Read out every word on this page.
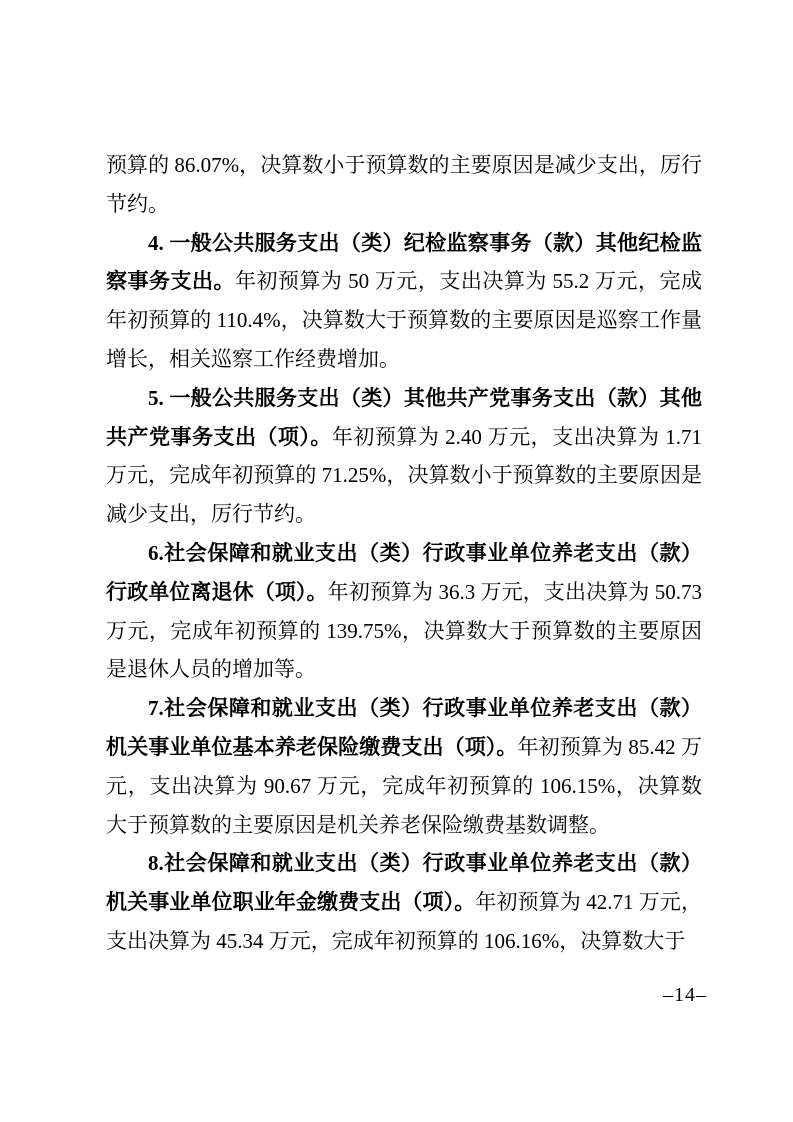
预算的 86.07%，决算数小于预算数的主要原因是减少支出，厉行节约。

4. 一般公共服务支出（类）纪检监察事务（款）其他纪检监察事务支出。年初预算为 50 万元，支出决算为 55.2 万元，完成年初预算的 110.4%，决算数大于预算数的主要原因是巡察工作量增长，相关巡察工作经费增加。

5. 一般公共服务支出（类）其他共产党事务支出（款）其他共产党事务支出（项）。年初预算为 2.40 万元，支出决算为 1.71 万元，完成年初预算的 71.25%，决算数小于预算数的主要原因是减少支出，厉行节约。

6.社会保障和就业支出（类）行政事业单位养老支出（款）行政单位离退休（项）。年初预算为 36.3 万元，支出决算为 50.73 万元，完成年初预算的 139.75%，决算数大于预算数的主要原因是退休人员的增加等。

7.社会保障和就业支出（类）行政事业单位养老支出（款）机关事业单位基本养老保险缴费支出（项）。年初预算为 85.42 万元，支出决算为 90.67 万元，完成年初预算的 106.15%，决算数大于预算数的主要原因是机关养老保险缴费基数调整。

8.社会保障和就业支出（类）行政事业单位养老支出（款）机关事业单位职业年金缴费支出（项）。年初预算为 42.71 万元，支出决算为 45.34 万元，完成年初预算的 106.16%，决算数大于

–14–
